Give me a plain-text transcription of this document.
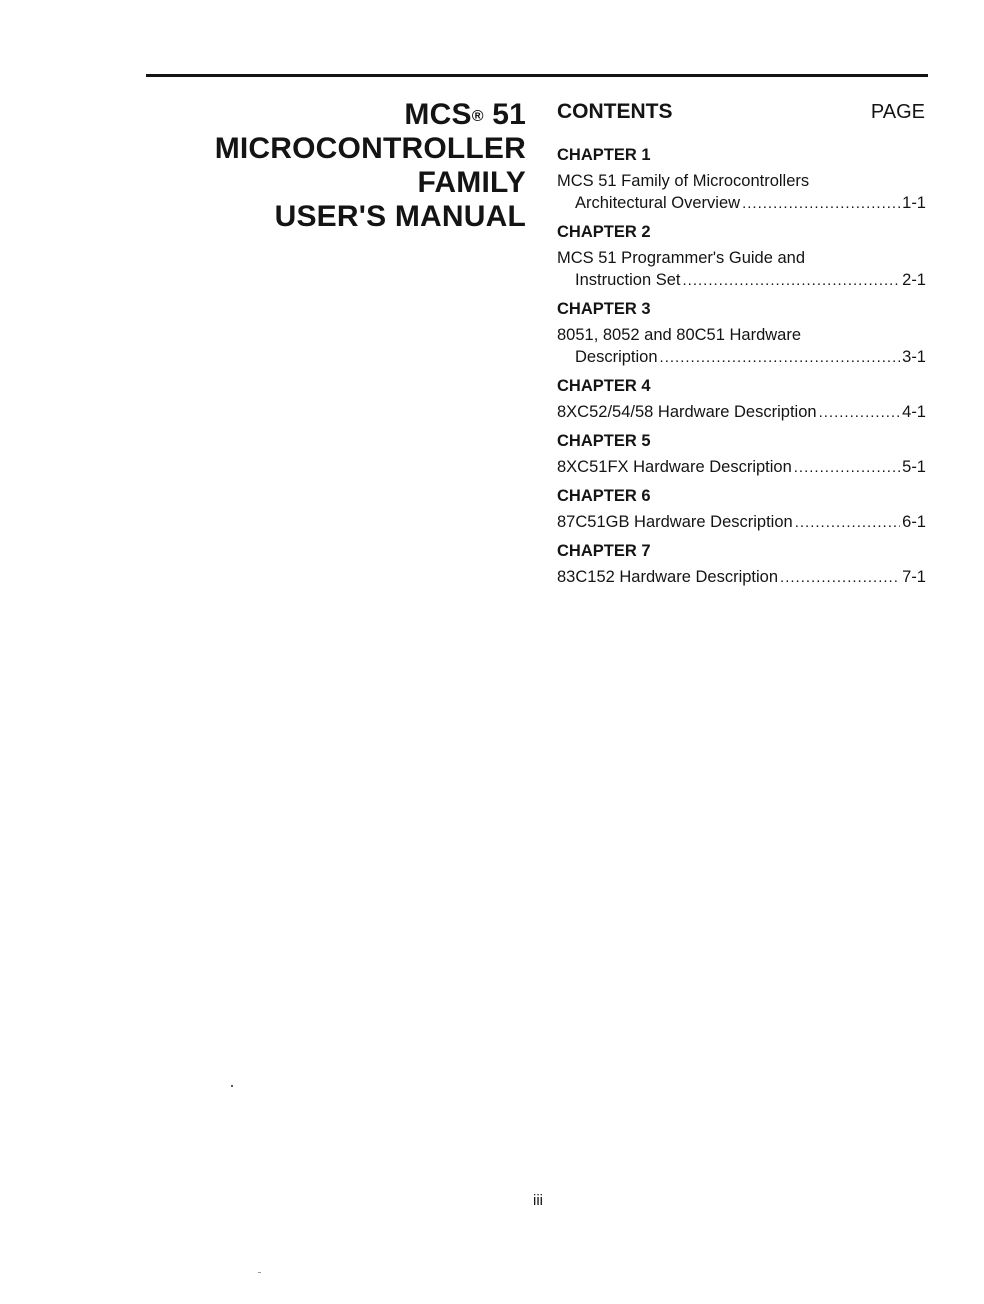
MCS® 51
MICROCONTROLLER
FAMILY
USER'S MANUAL
CONTENTS	PAGE
CHAPTER 1
MCS 51 Family of Microcontrollers
Architectural Overview .....	1-1
CHAPTER 2
MCS 51 Programmer's Guide and
Instruction Set .....	2-1
CHAPTER 3
8051, 8052 and 80C51 Hardware
Description .....	3-1
CHAPTER 4
8XC52/54/58 Hardware Description .....	4-1
CHAPTER 5
8XC51FX Hardware Description .....	5-1
CHAPTER 6
87C51GB Hardware Description .....	6-1
CHAPTER 7
83C152 Hardware Description .....	7-1
iii
